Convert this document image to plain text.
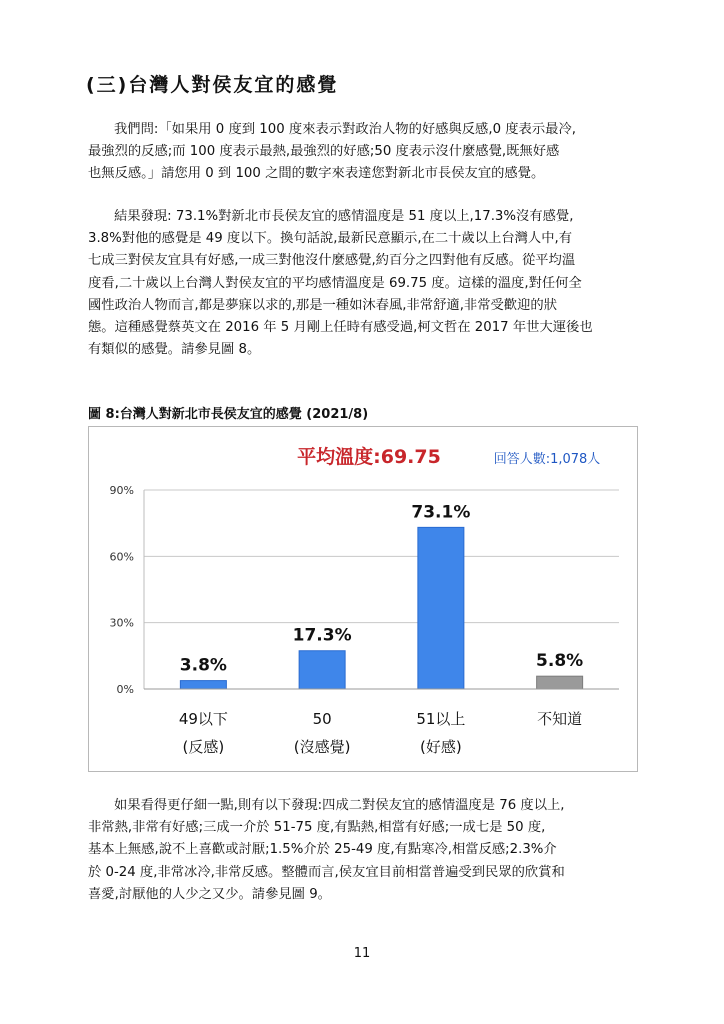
(三)台灣人對侯友宜的感覺

我們問:「如果用 0 度到 100 度來表示對政治人物的好感與反感,0 度表示最冷,
最強烈的反感;而 100 度表示最熱,最強烈的好感;50 度表示沒什麼感覺,既無好感
也無反感。」請您用 0 到 100 之間的數字來表達您對新北市長侯友宜的感覺。

結果發現: 73.1%對新北市長侯友宜的感情溫度是 51 度以上,17.3%沒有感覺,
3.8%對他的感覺是 49 度以下。換句話說,最新民意顯示,在二十歲以上台灣人中,有
七成三對侯友宜具有好感,一成三對他沒什麼感覺,約百分之四對他有反感。從平均溫
度看,二十歲以上台灣人對侯友宜的平均感情溫度是 69.75 度。這樣的溫度,對任何全
國性政治人物而言,都是夢寐以求的,那是一種如沐春風,非常舒適,非常受歡迎的狀
態。這種感覺蔡英文在 2016 年 5 月剛上任時有感受過,柯文哲在 2017 年世大運後也
有類似的感覺。請參見圖 8。

圖 8:台灣人對新北市長侯友宜的感覺 (2021/8)
平均溫度:69.75	回答人數:1,078人
0%
30%
60%
90%
3.8%
49以下
(反感)
17.3%
50
(沒感覺)
73.1%
51以上
(好感)
5.8%
不知道

如果看得更仔細一點,則有以下發現:四成二對侯友宜的感情溫度是 76 度以上,
非常熱,非常有好感;三成一介於 51-75 度,有點熱,相當有好感;一成七是 50 度,
基本上無感,說不上喜歡或討厭;1.5%介於 25-49 度,有點寒冷,相當反感;2.3%介
於 0-24 度,非常冰冷,非常反感。整體而言,侯友宜目前相當普遍受到民眾的欣賞和
喜愛,討厭他的人少之又少。請參見圖 9。

11
